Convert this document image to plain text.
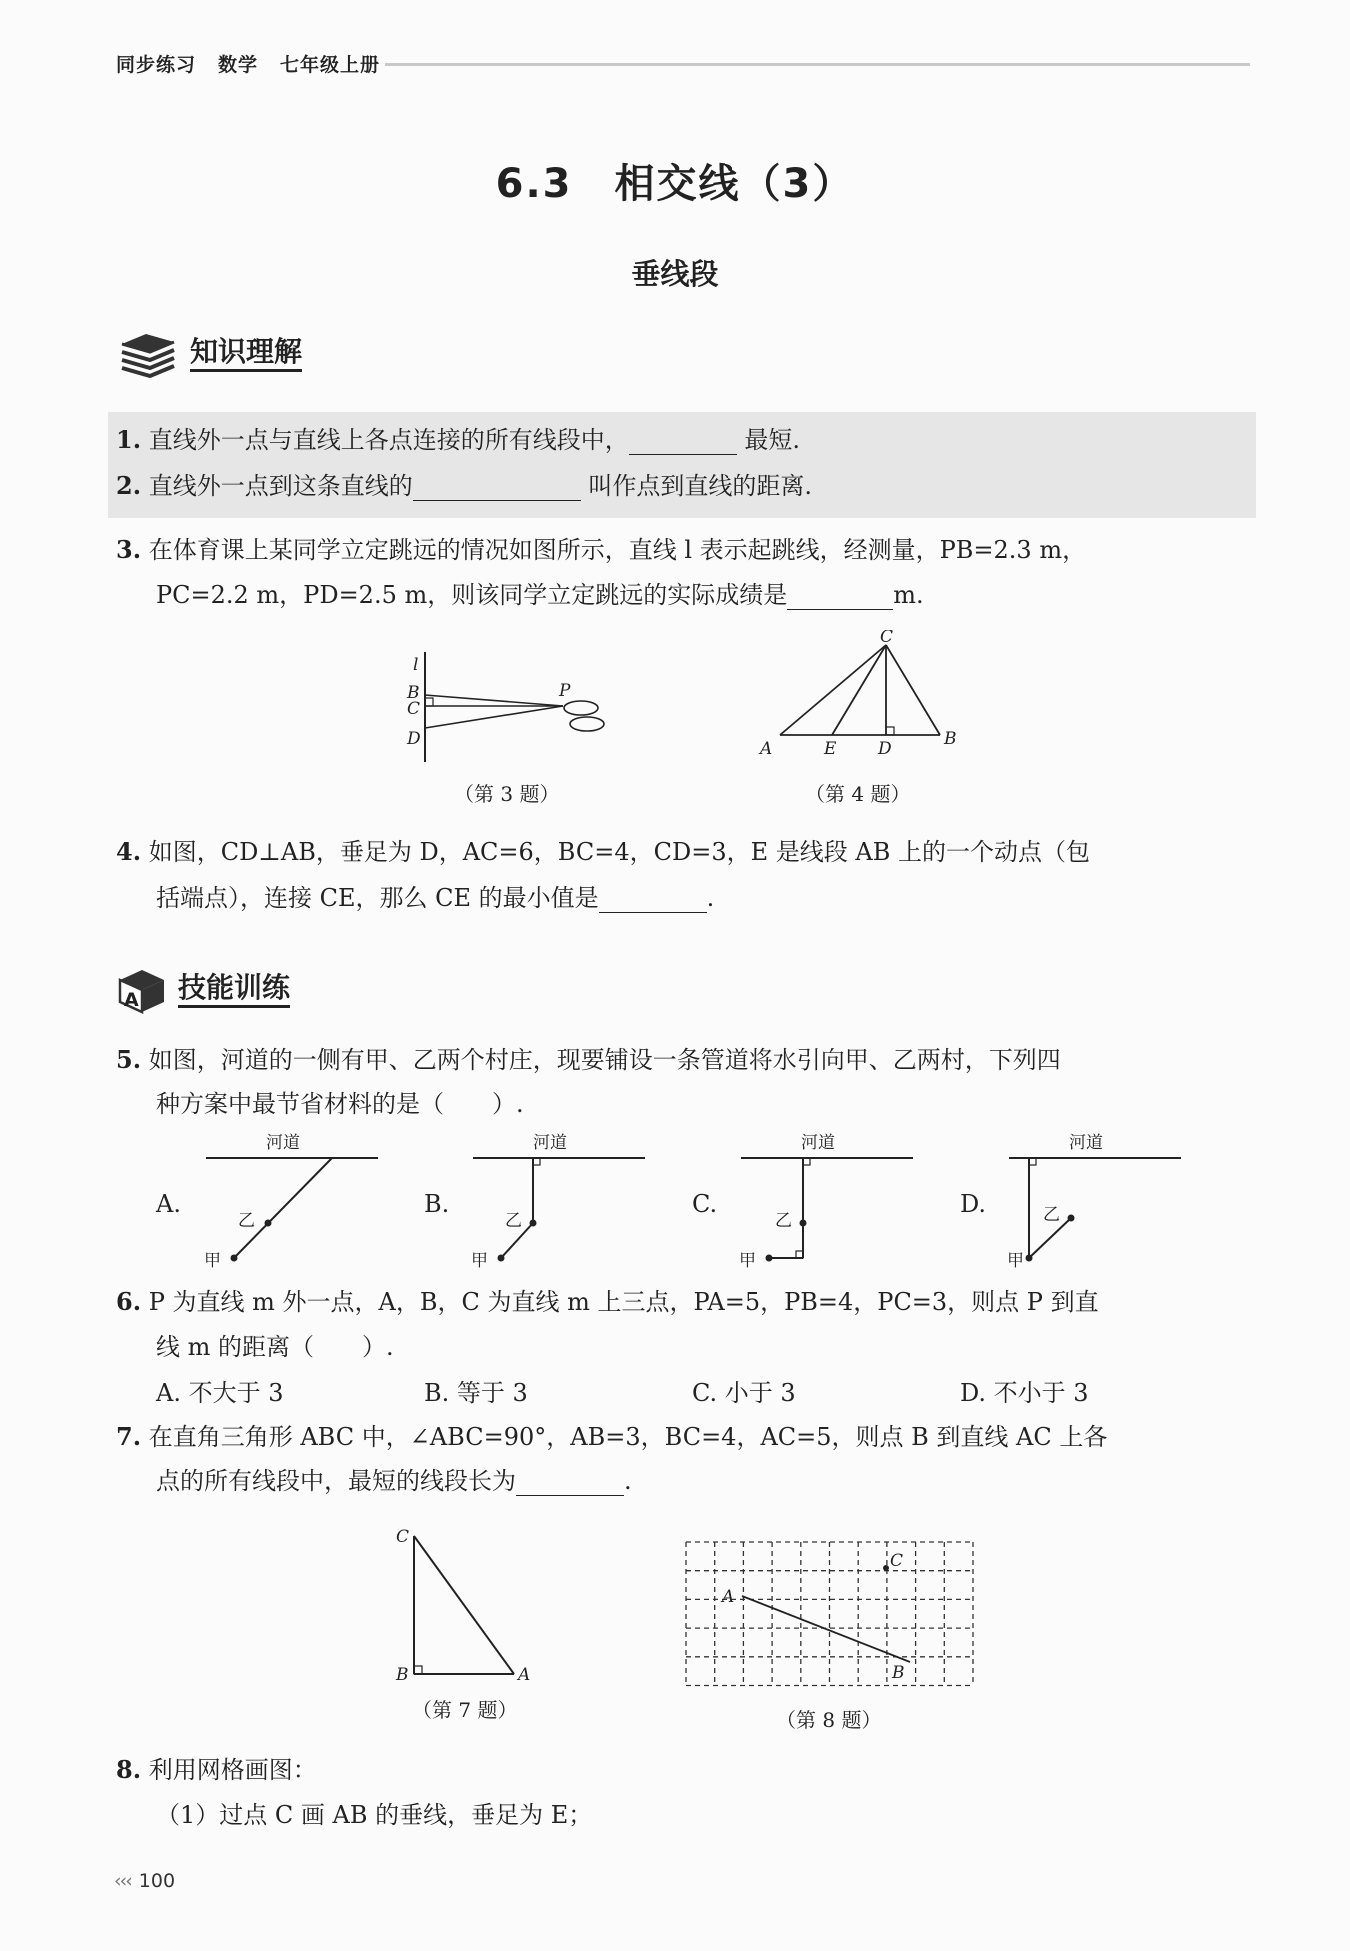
同步练习 数学 七年级上册
6.3　相交线（3）
垂线段
知识理解
1. 直线外一点与直线上各点连接的所有线段中，	最短.
2. 直线外一点到这条直线的	叫作点到直线的距离.
3. 在体育课上某同学立定跳远的情况如图所示，直线 l 表示起跳线，经测量，PB=2.3 m，
PC=2.2 m，PD=2.5 m，则该同学立定跳远的实际成绩是	m.
l
B
C
D
P
（第 3 题）
C
A	E D	B
（第 4 题）
4. 如图，CD⊥AB，垂足为 D，AC=6，BC=4，CD=3，E 是线段 AB 上的一个动点（包
括端点），连接 CE，那么 CE 的最小值是	.
A 技能训练
5. 如图，河道的一侧有甲、乙两个村庄，现要铺设一条管道将水引向甲、乙两村，下列四
种方案中最节省材料的是（　　）.
A.
河道
乙
甲
B.
河道
乙
甲
C.
河道
乙
甲
D.
河道
乙
甲
6. P 为直线 m 外一点，A，B，C 为直线 m 上三点，PA=5，PB=4，PC=3，则点 P 到直
线 m 的距离（　　）.
A. 不大于 3	B. 等于 3	C. 小于 3	D. 不小于 3
7. 在直角三角形 ABC 中，∠ABC=90°，AB=3，BC=4，AC=5，则点 B 到直线 AC 上各
点的所有线段中，最短的线段长为	.
C
B	A
（第 7 题）
C
A
B
（第 8 题）
8. 利用网格画图：
（1）过点 C 画 AB 的垂线，垂足为 E；
‹‹‹ 100
